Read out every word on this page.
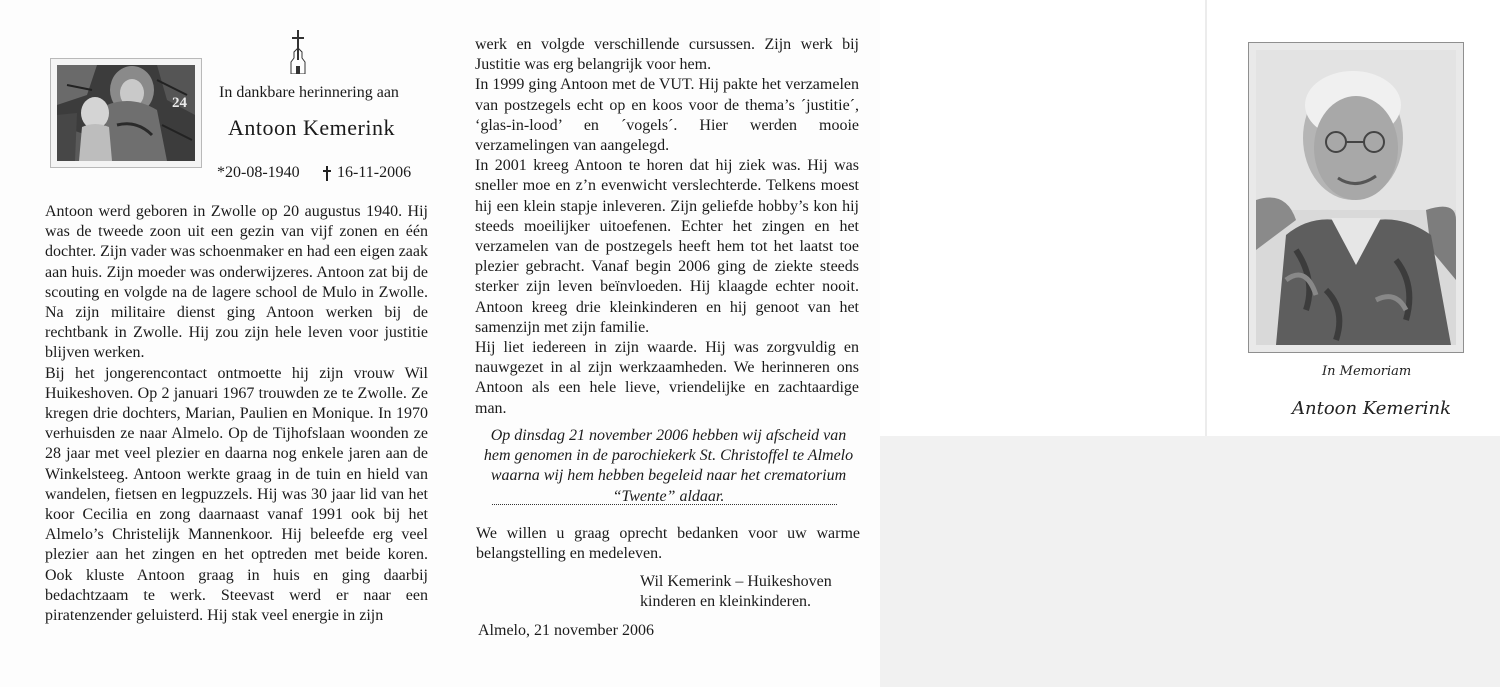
24
In dankbare herinnering aan
Antoon Kemerink
*20-08-1940 16-11-2006

Antoon werd geboren in Zwolle op 20 augustus 1940. Hij was de tweede zoon uit een gezin van vijf zonen en één dochter. Zijn vader was schoenmaker en had een eigen zaak aan huis. Zijn moeder was onderwijzeres. Antoon zat bij de scouting en volgde na de lagere school de Mulo in Zwolle. Na zijn militaire dienst ging Antoon werken bij de rechtbank in Zwolle. Hij zou zijn hele leven voor justitie blijven werken.

Bij het jongerencontact ontmoette hij zijn vrouw Wil Huikeshoven. Op 2 januari 1967 trouwden ze te Zwolle. Ze kregen drie dochters, Marian, Paulien en Monique. In 1970 verhuisden ze naar Almelo. Op de Tijhofslaan woonden ze 28 jaar met veel plezier en daarna nog enkele jaren aan de Winkelsteeg. Antoon werkte graag in de tuin en hield van wandelen, fietsen en legpuzzels. Hij was 30 jaar lid van het koor Cecilia en zong daarnaast vanaf 1991 ook bij het Almelo’s Christelijk Mannenkoor. Hij beleefde erg veel plezier aan het zingen en het optreden met beide koren. Ook kluste Antoon graag in huis en ging daarbij bedachtzaam te werk. Steevast werd er naar een piratenzender geluisterd. Hij stak veel energie in zijn

werk en volgde verschillende cursussen. Zijn werk bij Justitie was erg belangrijk voor hem.

In 1999 ging Antoon met de VUT. Hij pakte het verzamelen van postzegels echt op en koos voor de thema’s ´justitie´, ‘glas-in-lood’ en ´vogels´. Hier werden mooie verzamelingen van aangelegd.

In 2001 kreeg Antoon te horen dat hij ziek was. Hij was sneller moe en z’n evenwicht verslechterde. Telkens moest hij een klein stapje inleveren. Zijn geliefde hobby’s kon hij steeds moeilijker uitoefenen. Echter het zingen en het verzamelen van de postzegels heeft hem tot het laatst toe plezier gebracht. Vanaf begin 2006 ging de ziekte steeds sterker zijn leven beïnvloeden. Hij klaagde echter nooit. Antoon kreeg drie kleinkinderen en hij genoot van het samenzijn met zijn familie.

Hij liet iedereen in zijn waarde. Hij was zorgvuldig en nauwgezet in al zijn werkzaamheden. We herinneren ons Antoon als een hele lieve, vriendelijke en zachtaardige man.

Op dinsdag 21 november 2006 hebben wij afscheid van hem genomen in de parochiekerk St. Christoffel te Almelo waarna wij hem hebben begeleid naar het crematorium “Twente” aldaar.
We willen u graag oprecht bedanken voor uw warme belangstelling en medeleven.
Wil Kemerink – Huikeshoven
kinderen en kleinkinderen.
Almelo, 21 november 2006
In Memoriam
Antoon Kemerink
